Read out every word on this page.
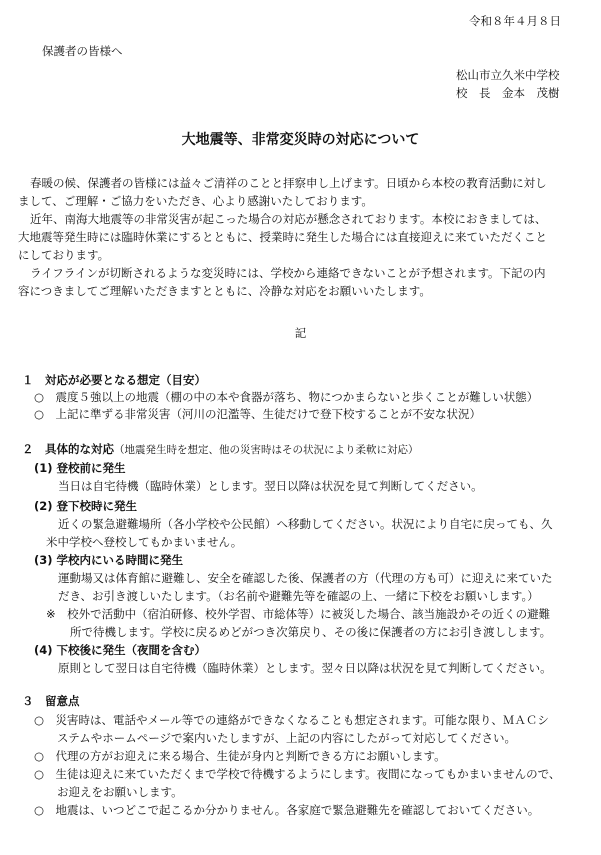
令和８年４月８日
保護者の皆様へ
松山市立久米中学校
校　長　金本　茂樹
大地震等、非常変災時の対応について
春暖の候、保護者の皆様には益々ご清祥のことと拝察申し上げます。日頃から本校の教育活動に対し
まして、ご理解・ご協力をいただき、心より感謝いたしております。
近年、南海大地震等の非常災害が起こった場合の対応が懸念されております。本校におきましては、
大地震等発生時には臨時休業にするとともに、授業時に発生した場合には直接迎えに来ていただくこと
にしております。
ライフラインが切断されるような変災時には、学校から連絡できないことが予想されます。下記の内
容につきましてご理解いただきますとともに、冷静な対応をお願いいたします。
記
１　対応が必要となる想定（目安）
○　震度５強以上の地震（棚の中の本や食器が落ち、物につかまらないと歩くことが難しい状態）
○　上記に準ずる非常災害（河川の氾濫等、生徒だけで登下校することが不安な状況）
２　具体的な対応（地震発生時を想定、他の災害時はその状況により柔軟に対応）
(1) 登校前に発生
当日は自宅待機（臨時休業）とします。翌日以降は状況を見て判断してください。
(2) 登下校時に発生
近くの緊急避難場所（各小学校や公民館）へ移動してください。状況により自宅に戻っても、久
米中学校へ登校してもかまいません。
(3) 学校内にいる時間に発生
運動場又は体育館に避難し、安全を確認した後、保護者の方（代理の方も可）に迎えに来ていた
だき、お引き渡しいたします。（お名前や避難先等を確認の上、一緒に下校をお願いします。）
※　校外で活動中（宿泊研修、校外学習、市総体等）に被災した場合、該当施設かその近くの避難
所で待機します。学校に戻るめどがつき次第戻り、その後に保護者の方にお引き渡しします。
(4) 下校後に発生（夜間を含む）
原則として翌日は自宅待機（臨時休業）とします。翌々日以降は状況を見て判断してください。
３　留意点
○　災害時は、電話やメール等での連絡ができなくなることも想定されます。可能な限り、ＭＡＣシ
　　ステムやホームページで案内いたしますが、上記の内容にしたがって対応してください。
○　代理の方がお迎えに来る場合、生徒が身内と判断できる方にお願いします。
○　生徒は迎えに来ていただくまで学校で待機するようにします。夜間になってもかまいませんので、
　　お迎えをお願いします。
○　地震は、いつどこで起こるか分かりません。各家庭で緊急避難先を確認しておいてください。
